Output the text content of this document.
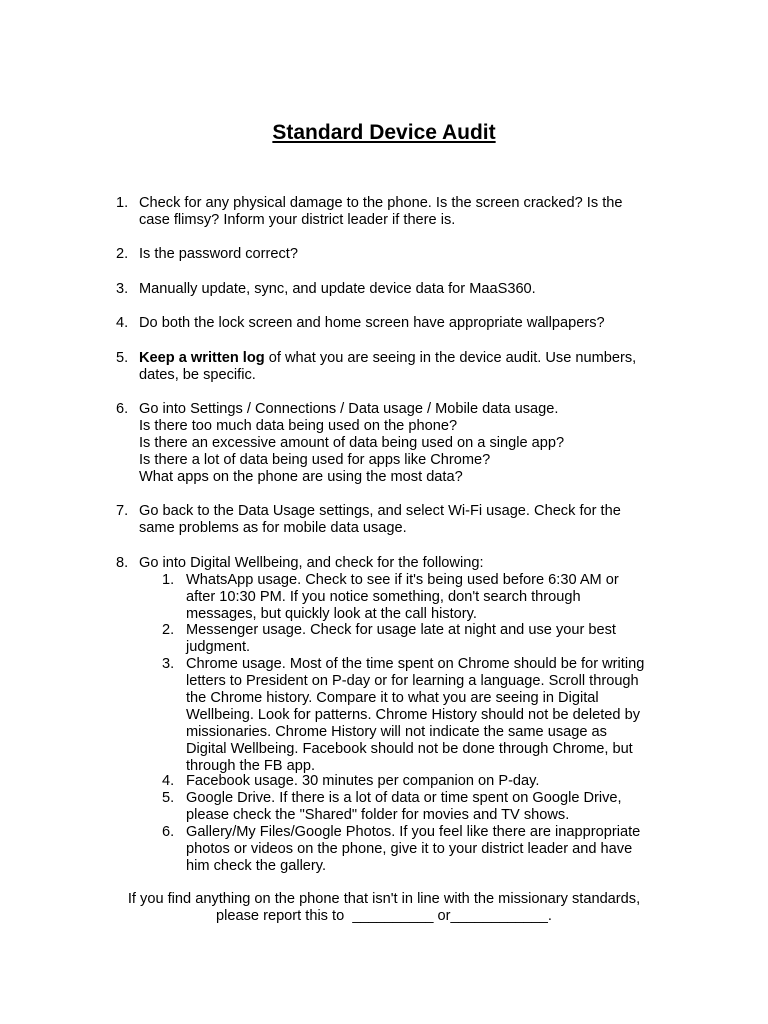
Standard Device Audit
1. Check for any physical damage to the phone. Is the screen cracked? Is the
case flimsy? Inform your district leader if there is.
2. Is the password correct?
3. Manually update, sync, and update device data for MaaS360.
4. Do both the lock screen and home screen have appropriate wallpapers?
5. Keep a written log of what you are seeing in the device audit. Use numbers,
dates, be specific.
6. Go into Settings / Connections / Data usage / Mobile data usage.
Is there too much data being used on the phone?
Is there an excessive amount of data being used on a single app?
Is there a lot of data being used for apps like Chrome?
What apps on the phone are using the most data?
7. Go back to the Data Usage settings, and select Wi-Fi usage. Check for the
same problems as for mobile data usage.
8. Go into Digital Wellbeing, and check for the following:
1. WhatsApp usage. Check to see if it's being used before 6:30 AM or
after 10:30 PM. If you notice something, don't search through
messages, but quickly look at the call history.
2. Messenger usage. Check for usage late at night and use your best
judgment.
3. Chrome usage. Most of the time spent on Chrome should be for writing
letters to President on P-day or for learning a language. Scroll through
the Chrome history. Compare it to what you are seeing in Digital
Wellbeing. Look for patterns. Chrome History should not be deleted by
missionaries. Chrome History will not indicate the same usage as
Digital Wellbeing. Facebook should not be done through Chrome, but
through the FB app.
4. Facebook usage. 30 minutes per companion on P-day.
5. Google Drive. If there is a lot of data or time spent on Google Drive,
please check the "Shared" folder for movies and TV shows.
6. Gallery/My Files/Google Photos. If you feel like there are inappropriate
photos or videos on the phone, give it to your district leader and have
him check the gallery.
If you find anything on the phone that isn't in line with the missionary standards,
please report this to  __________ or____________.
